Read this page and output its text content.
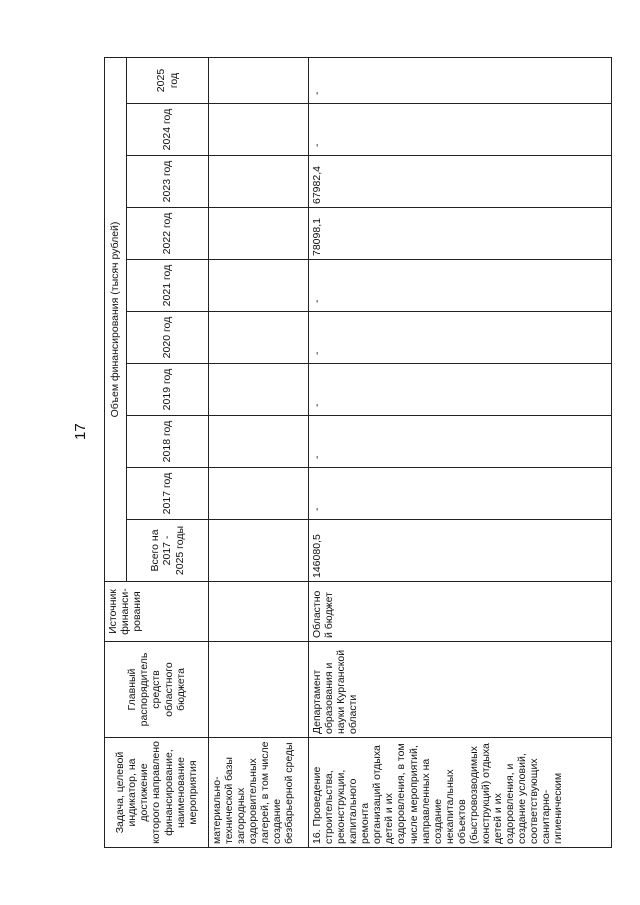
17
Задача, целевой индикатор, на достижение которого направлено финансирование, наименование мероприятия	Главный распорядитель средств областного бюджета	Источник финанси-рования	Объем финансирования (тысяч рублей)									
			Всего на 2017 - 2025 годы	2017 год	2018 год	2019 год	2020 год	2021 год	2022 год	2023 год	2024 год	2025 год
материально-технической базы загородных оздоровительных лагерей, в том числе создание безбарьерной среды												
16. Проведение строительства, реконструкции, капитального ремонта организаций отдыха детей и их оздоровления, в том числе мероприятий, направленных на создание некапитальных объектов (быстровозводимых конструкций) отдыха детей и их оздоровления, и создание условий, соответствующих санитарно-гигиеническим	Департамент образования и науки Курганской области	Областной бюджет	146080,5	-	-	-	-	-	78098,1	67982,4	-	-
